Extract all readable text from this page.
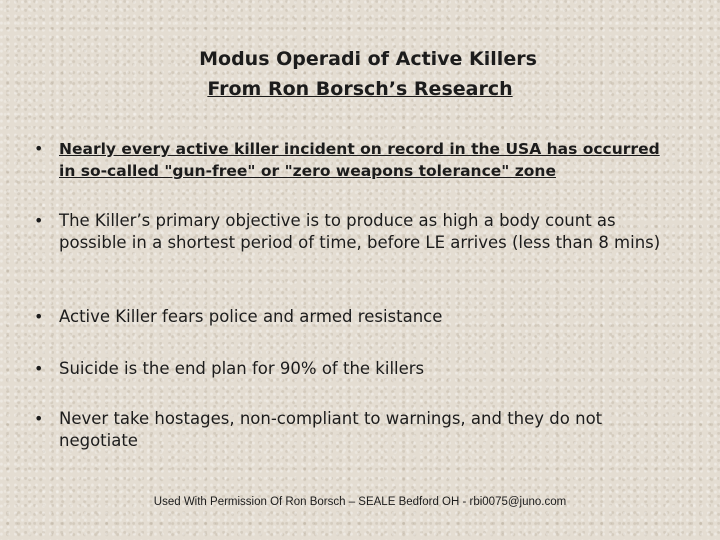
Modus Operadi of Active Killers
From Ron Borsch’s Research
• Nearly every active killer incident on record in the USA has occurred in so-called "gun-free" or "zero weapons tolerance" zone
• The Killer’s primary objective is to produce as high a body count as possible in a shortest period of time, before LE arrives (less than 8 mins)
• Active Killer fears police and armed resistance
• Suicide is the end plan for 90% of the killers
• Never take hostages, non-compliant to warnings, and they do not negotiate
Used With Permission Of Ron Borsch – SEALE Bedford OH - rbi0075@juno.com
